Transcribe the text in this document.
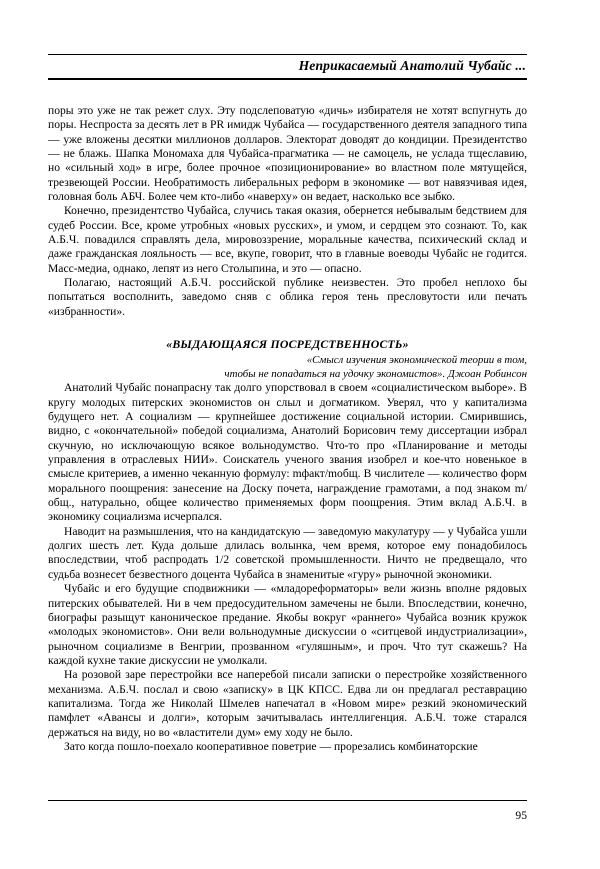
Неприкасаемый Анатолий Чубайс ...

поры это уже не так режет слух. Эту подслеповатую «дичь» избирателя не хотят вспугнуть до поры. Неспроста за десять лет в PR имидж Чубайса — государственного деятеля западного типа — уже вложены десятки миллионов долларов. Электорат доводят до кондиции. Президентство — не блажь. Шапка Мономаха для Чубайса-прагматика — не самоцель, не услада тщеславию, но «сильный ход» в игре, более прочное «позиционирование» во властном поле мятущейся, трезвеющей России. Необратимость либеральных реформ в экономике — вот навязчивая идея, головная боль АБЧ. Более чем кто-либо «наверху» он ведает, насколько все зыбко.

Конечно, президентство Чубайса, случись такая оказия, обернется небывалым бедствием для судеб России. Все, кроме утробных «новых русских», и умом, и сердцем это сознают. То, как А.Б.Ч. повадился справлять дела, мировоззрение, моральные качества, психический склад и даже гражданская лояльность — все, вкупе, говорит, что в главные воеводы Чубайс не годится. Масс-медиа, однако, лепят из него Столыпина, и это — опасно.

Полагаю, настоящий А.Б.Ч. российской публике неизвестен. Это пробел неплохо бы попытаться восполнить, заведомо сняв с облика героя тень пресловутости или печать «избранности».

«ВЫДАЮЩАЯСЯ ПОСРЕДСТВЕННОСТЬ»
«Смысл изучения экономической теории в том,
чтобы не попадаться на удочку экономистов». Джоан Робинсон

Анатолий Чубайс понапрасну так долго упорствовал в своем «социалистическом выборе». В кругу молодых питерских экономистов он слыл и догматиком. Уверял, что у капитализма будущего нет. А социализм — крупнейшее достижение социальной истории. Смирившись, видно, с «окончательной» победой социализма, Анатолий Борисович тему диссертации избрал скучную, но исключающую всякое вольнодумство. Что-то про «Планирование и методы управления в отраслевых НИИ». Соискатель ученого звания изобрел и кое-что новенькое в смысле критериев, а именно чеканную формулу: mфакт/mобщ. В числителе — количество форм морального поощрения: занесение на Доску почета, награждение грамотами, а под знаком m/общ., натурально, общее количество применяемых форм поощрения. Этим вклад А.Б.Ч. в экономику социализма исчерпался.

Наводит на размышления, что на кандидатскую — заведомую макулатуру — у Чубайса ушли долгих шесть лет. Куда дольше длилась волынка, чем время, которое ему понадобилось впоследствии, чтоб распродать 1/2 советской промышленности. Ничто не предвещало, что судьба вознесет безвестного доцента Чубайса в знаменитые «гуру» рыночной экономики.

Чубайс и его будущие сподвижники — «младореформаторы» вели жизнь вполне рядовых питерских обывателей. Ни в чем предосудительном замечены не были. Впоследствии, конечно, биографы разыщут каноническое предание. Якобы вокруг «раннего» Чубайса возник кружок «молодых экономистов». Они вели вольнодумные дискуссии о «ситцевой индустриализации», рыночном социализме в Венгрии, прозванном «гуляшным», и проч. Что тут скажешь? На каждой кухне такие дискуссии не умолкали.

На розовой заре перестройки все наперебой писали записки о перестройке хозяйственного механизма. А.Б.Ч. послал и свою «записку» в ЦК КПСС. Едва ли он предлагал реставрацию капитализма. Тогда же Николай Шмелев напечатал в «Новом мире» резкий экономический памфлет «Авансы и долги», которым зачитывалась интеллигенция. А.Б.Ч. тоже старался держаться на виду, но во «властители дум» ему ходу не было.

Зато когда пошло-поехало кооперативное поветрие — прорезались комбинаторские

95
